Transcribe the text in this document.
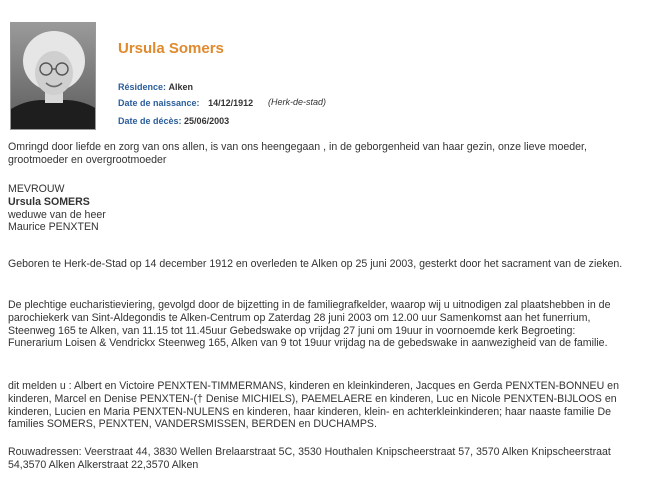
Ursula Somers
Résidence: Alken
Date de naissance: 14/12/1912 (Herk-de-stad)
Date de décès: 25/06/2003
Omringd door liefde en zorg van ons allen, is van ons heengegaan , in de geborgenheid van haar gezin, onze lieve moeder, grootmoeder en overgrootmoeder
MEVROUW
Ursula SOMERS
weduwe van de heer
Maurice PENXTEN
Geboren te Herk-de-Stad op 14 december 1912 en overleden te Alken op 25 juni 2003, gesterkt door het sacrament van de zieken.
De plechtige eucharistieviering, gevolgd door de bijzetting in de familiegrafkelder, waarop wij u uitnodigen zal plaatshebben in de parochiekerk van Sint-Aldegondis te Alken-Centrum op Zaterdag 28 juni 2003 om 12.00 uur Samenkomst aan het funerrium, Steenweg 165 te Alken, van 11.15 tot 11.45uur Gebedswake op vrijdag 27 juni om 19uur in voornoemde kerk Begroeting: Funerarium Loisen & Vendrickx Steenweg 165, Alken van 9 tot 19uur vrijdag na de gebedswake in aanwezigheid van de familie.
dit melden u : Albert en Victoire PENXTEN-TIMMERMANS, kinderen en kleinkinderen, Jacques en Gerda PENXTEN-BONNEU en kinderen, Marcel en Denise PENXTEN-(† Denise MICHIELS), PAEMELAERE en kinderen, Luc en Nicole PENXTEN-BIJLOOS en kinderen, Lucien en Maria PENXTEN-NULENS en kinderen, haar kinderen, klein- en achterkleinkinderen; haar naaste familie De families SOMERS, PENXTEN, VANDERSMISSEN, BERDEN en DUCHAMPS.
Rouwadressen: Veerstraat 44, 3830 Wellen Brelaarstraat 5C, 3530 Houthalen Knipscheerstraat 57, 3570 Alken Knipscheerstraat 54,3570 Alken Alkerstraat 22,3570 Alken
